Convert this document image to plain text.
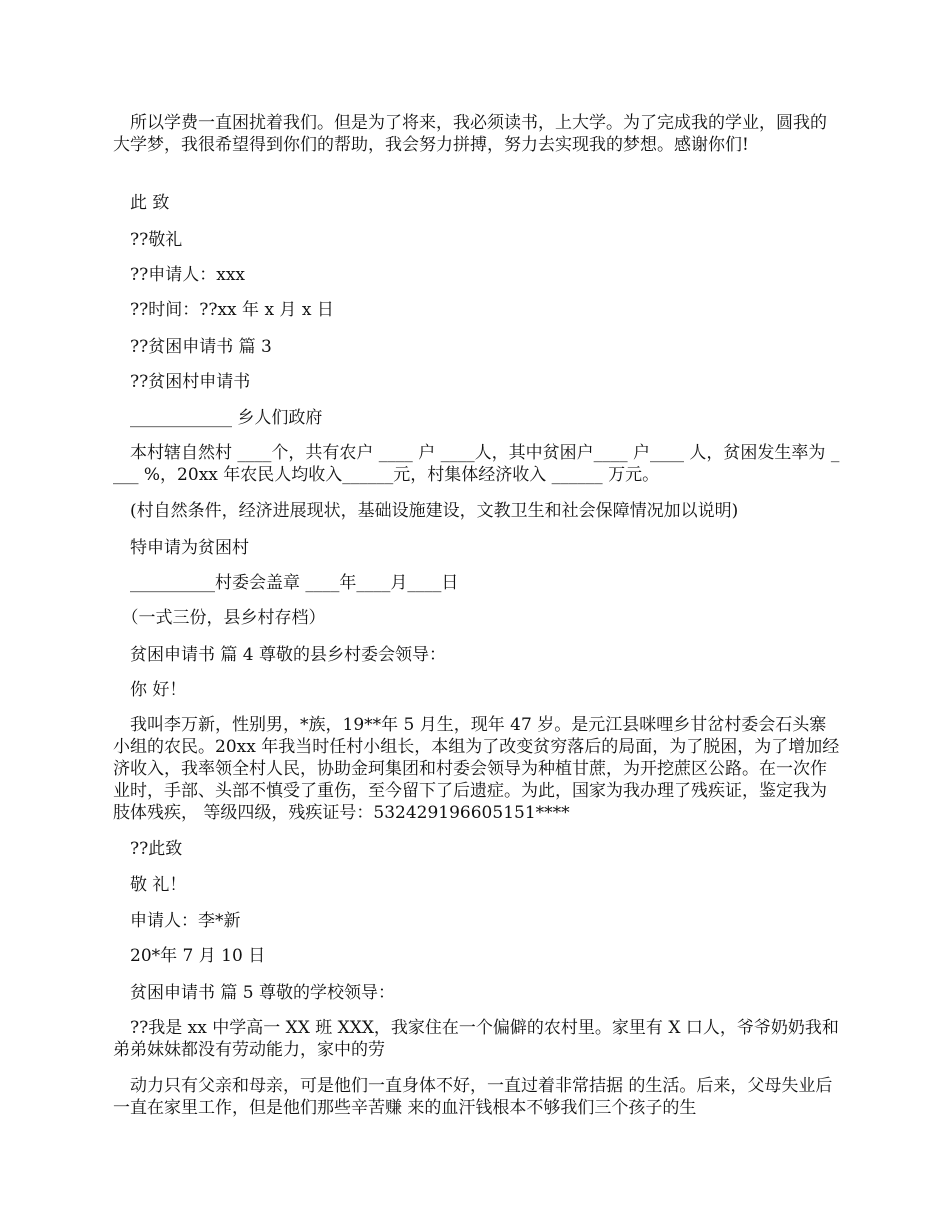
　所以学费一直困扰着我们。但是为了将来，我必须读书，上大学。为了完成我的学业，圆我的大学梦，我很希望得到你们的帮助，我会努力拼搏，努力去实现我的梦想。感谢你们!

　此 致

　??敬礼

　??申请人：xxx

　??时间：??xx 年 x 月 x 日

　??贫困申请书 篇 3

　??贫困村申请书

　____________ 乡人们政府

　本村辖自然村 ____个，共有农户 ____ 户 ____人，其中贫困户____ 户____ 人，贫困发生率为 ____ %，20xx 年农民人均收入______元，村集体经济收入 ______ 万元。

　(村自然条件，经济进展现状，基础设施建设，文教卫生和社会保障情况加以说明)

　特申请为贫困村

　__________村委会盖章 ____年____月____日

　（一式三份，县乡村存档）

　贫困申请书 篇 4 尊敬的县乡村委会领导：

　你 好！

　我叫李万新，性别男，*族，19**年 5 月生，现年 47 岁。是元江县咪哩乡甘岔村委会石头寨小组的农民。20xx 年我当时任村小组长，本组为了改变贫穷落后的局面，为了脱困，为了增加经济收入，我率领全村人民，协助金珂集团和村委会领导为种植甘蔗，为开挖蔗区公路。在一次作业时，手部、头部不慎受了重伤，至今留下了后遗症。为此，国家为我办理了残疾证，鉴定我为肢体残疾， 等级四级，残疾证号：532429196605151****

　??此致

　敬 礼！

　申请人：李*新

　20*年 7 月 10 日

　贫困申请书 篇 5 尊敬的学校领导：

　??我是 xx 中学高一 XX 班 XXX，我家住在一个偏僻的农村里。家里有 X 口人，爷爷奶奶我和弟弟妹妹都没有劳动能力，家中的劳

　动力只有父亲和母亲，可是他们一直身体不好，一直过着非常拮据 的生活。后来，父母失业后一直在家里工作，但是他们那些辛苦赚 来的血汗钱根本不够我们三个孩子的生
